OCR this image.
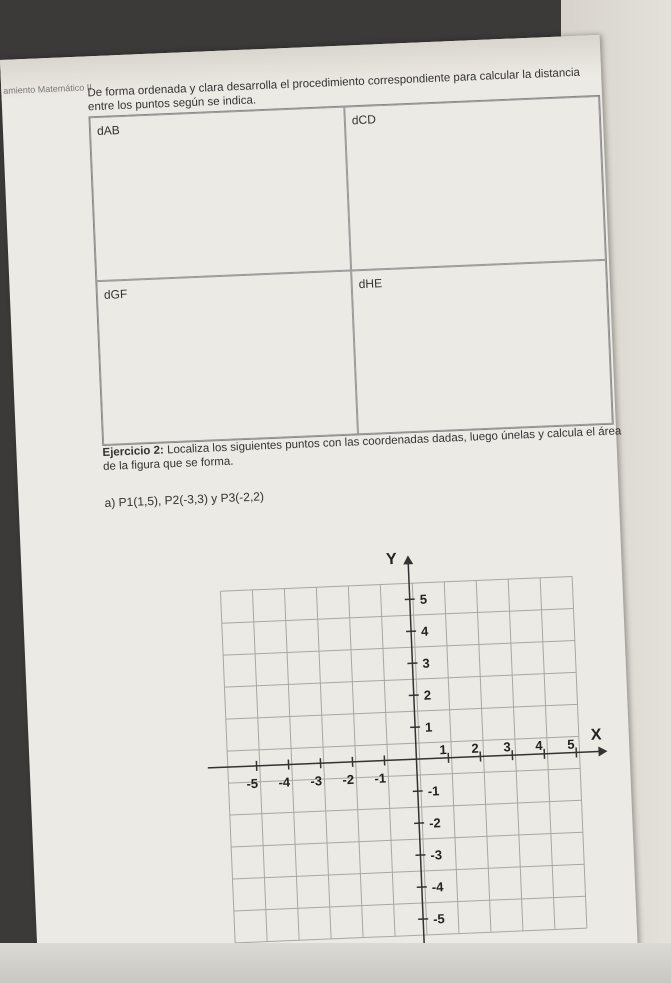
amiento Matemático II
De forma ordenada y clara desarrolla el procedimiento correspondiente para calcular la distancia entre los puntos según se indica.
dAB
dCD
dGF
dHE
Ejercicio 2: Localiza los siguientes puntos con las coordenadas dadas, luego únelas y calcula el área de la figura que se forma.
a) P1(1,5), P2(-3,3) y P3(-2,2)
X
Y
-5 -4 -3 -2 -1
1 2 3 4 5
5
4
3
2
1
-1
-2
-3
-4
-5
